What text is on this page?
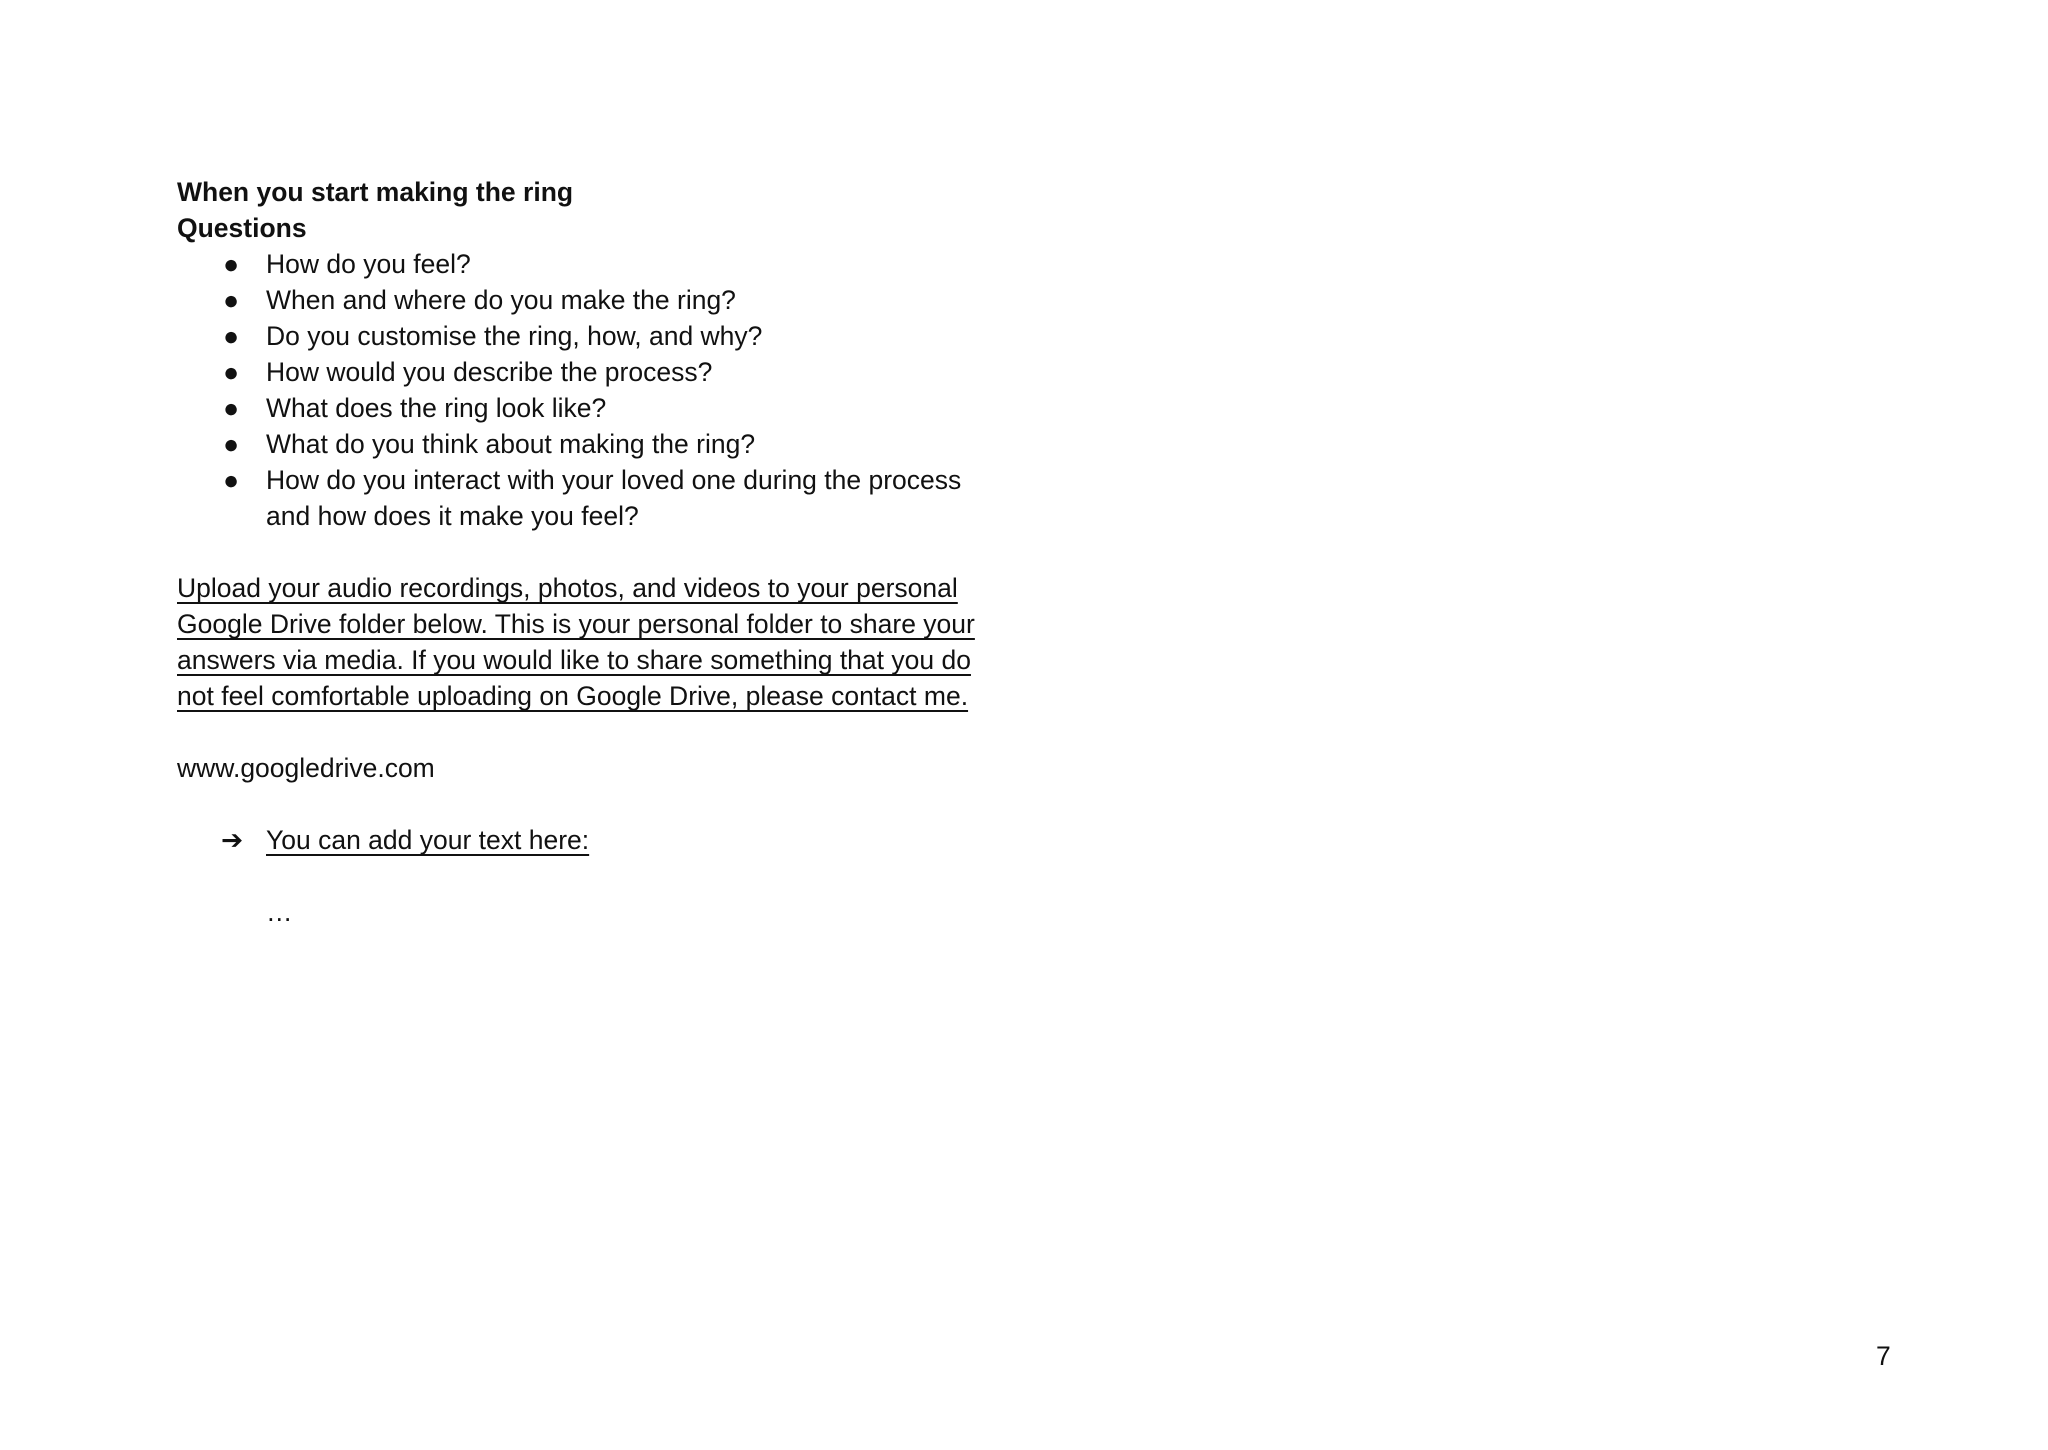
When you start making the ring

Questions

● How do you feel?
● When and where do you make the ring?
● Do you customise the ring, how, and why?
● How would you describe the process?
● What does the ring look like?
● What do you think about making the ring?
● How do you interact with your loved one during the process and how does it make you feel?

Upload your audio recordings, photos, and videos to your personal Google Drive folder below. This is your personal folder to share your answers via media. If you would like to share something that you do not feel comfortable uploading on Google Drive, please contact me.

www.googledrive.com

➔ You can add your text here:
…
7
